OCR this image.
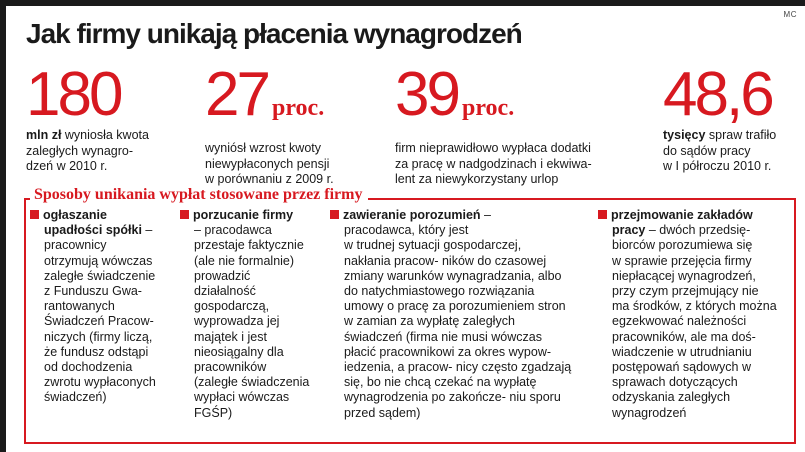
MC
Jak firmy unikają płacenia wynagrodzeń
180
mln zł wyniosła kwota
zaległych wynagro-
dzeń w 2010 r.
27 proc.
wyniósł wzrost kwoty
niewypłaconych pensji
w porównaniu z 2009 r.
39 proc.
firm nieprawidłowo wypłaca dodatki
za pracę w nadgodzinach i ekwiwa-
lent za niewykorzystany urlop
48,6
tysięcy spraw trafiło
do sądów pracy
w I półroczu 2010 r.
Sposoby unikania wypłat stosowane przez firmy
ogłaszanie
upadłości spółki –
pracownicy
otrzymują wówczas
zaległe świadczenie
z Funduszu Gwa-
rantowanych
Świadczeń Pracow-
niczych (firmy liczą,
że fundusz odstąpi
od dochodzenia
zwrotu wypłaconych
świadczeń)
porzucanie firmy
– pracodawca
przestaje faktycznie
(ale nie formalnie)
prowadzić
działalność
gospodarczą,
wyprowadza jej
majątek i jest
nieosiągalny dla
pracowników
(zaległe świadczenia
wypłaci wówczas
FGŚP)
zawieranie porozumień –
pracodawca, który jest
w trudnej sytuacji gospodarczej,
nakłania pracow- ników do czasowej
zmiany warunków wynagradzania, albo
do natychmiastowego rozwiązania
umowy o pracę za porozumieniem stron
w zamian za wypłatę zaległych
świadczeń (firma nie musi wówczas
płacić pracownikowi za okres wypow-
iedzenia, a pracow- nicy często zgadzają
się, bo nie chcą czekać na wypłatę
wynagrodzenia po zakończe- niu sporu
przed sądem)
przejmowanie zakładów
pracy – dwóch przedsię-
biorców porozumiewa się
w sprawie przejęcia firmy
niepłacącej wynagrodzeń,
przy czym przejmujący nie
ma środków, z których można
egzekwować należności
pracowników, ale ma doś-
wiadczenie w utrudnianiu
postępowań sądowych w
sprawach dotyczących
odzyskania zaległych
wynagrodzeń
